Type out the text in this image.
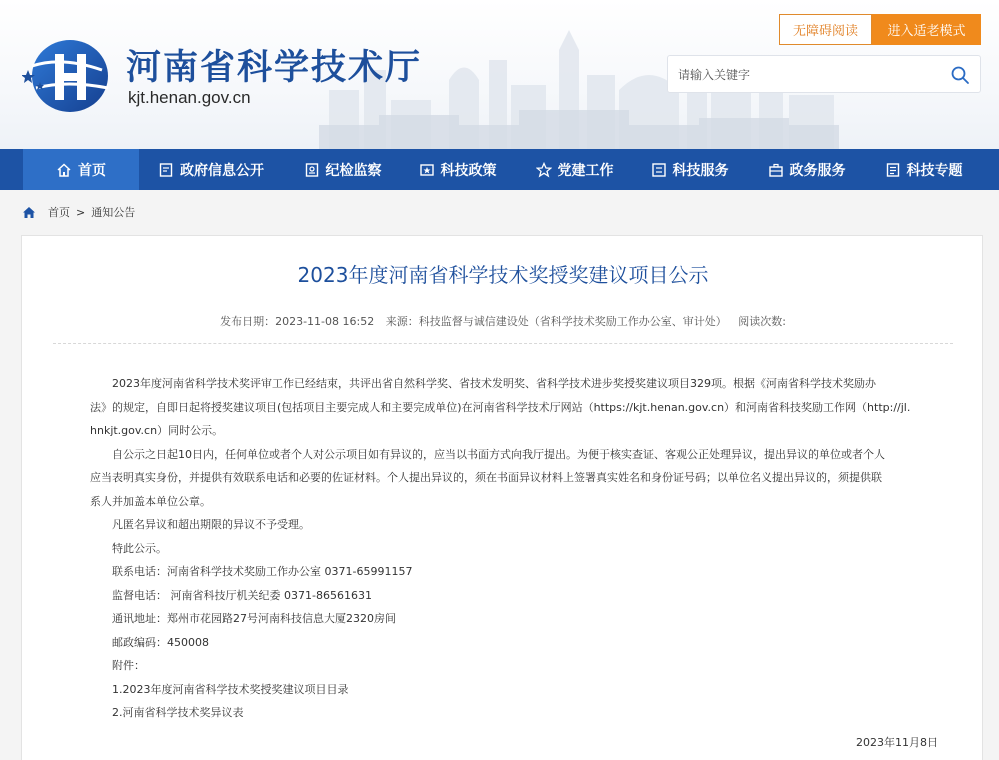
河南省科学技术厅
kjt.henan.gov.cn
无障碍阅读	进入适老模式
请输入关键字
首页	政府信息公开	纪检监察	科技政策	党建工作	科技服务	政务服务	科技专题
首页 > 通知公告
2023年度河南省科学技术奖授奖建议项目公示
发布日期：2023-11-08 16:52 来源：科技监督与诚信建设处（省科学技术奖励工作办公室、审计处） 阅读次数:

2023年度河南省科学技术奖评审工作已经结束，共评出省自然科学奖、省技术发明奖、省科学技术进步奖授奖建议项目329项。根据《河南省科学技术奖励办

法》的规定，自即日起将授奖建议项目(包括项目主要完成人和主要完成单位)在河南省科学技术厅网站（https://kjt.henan.gov.cn）和河南省科技奖励工作网（http://jl.

hnkjt.gov.cn）同时公示。

自公示之日起10日内，任何单位或者个人对公示项目如有异议的，应当以书面方式向我厅提出。为便于核实查证、客观公正处理异议，提出异议的单位或者个人

应当表明真实身份，并提供有效联系电话和必要的佐证材料。个人提出异议的，须在书面异议材料上签署真实姓名和身份证号码；以单位名义提出异议的，须提供联

系人并加盖本单位公章。

凡匿名异议和超出期限的异议不予受理。

特此公示。

联系电话：河南省科学技术奖励工作办公室 0371-65991157

监督电话： 河南省科技厅机关纪委 0371-86561631

通讯地址：郑州市花园路27号河南科技信息大厦2320房间

邮政编码：450008

附件：

1.2023年度河南省科学技术奖授奖建议项目目录

2.河南省科学技术奖异议表

2023年11月8日
